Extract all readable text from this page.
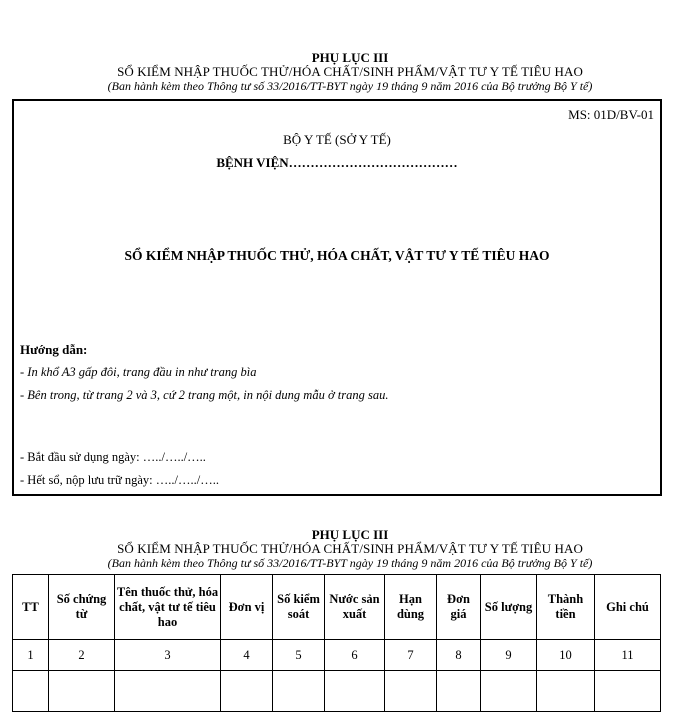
PHỤ LỤC III
SỔ KIỂM NHẬP THUỐC THỬ/HÓA CHẤT/SINH PHẨM/VẬT TƯ Y TẾ TIÊU HAO
(Ban hành kèm theo Thông tư số 33/2016/TT-BYT ngày 19 tháng 9 năm 2016 của Bộ trưởng Bộ Y tế)
MS: 01D/BV-01
BỘ Y TẾ (SỞ Y TẾ)
BỆNH VIỆN…………………………………
SỔ KIỂM NHẬP THUỐC THỬ, HÓA CHẤT, VẬT TƯ Y TẾ TIÊU HAO
Hướng dẫn:
- In khổ A3 gấp đôi, trang đầu in như trang bìa
- Bên trong, từ trang 2 và 3, cứ 2 trang một, in nội dung mẫu ở trang sau.
- Bắt đầu sử dụng ngày: …../…../…..
- Hết sổ, nộp lưu trữ ngày: …../…../…..
PHỤ LỤC III
SỔ KIỂM NHẬP THUỐC THỬ/HÓA CHẤT/SINH PHẨM/VẬT TƯ Y TẾ TIÊU HAO
(Ban hành kèm theo Thông tư số 33/2016/TT-BYT ngày 19 tháng 9 năm 2016 của Bộ trưởng Bộ Y tế)
TT	Số chứng từ	Tên thuốc thử, hóa chất, vật tư tế tiêu hao	Đơn vị	Số kiểm soát	Nước sản xuất	Hạn dùng	Đơn giá	Số lượng	Thành tiền	Ghi chú
1	2	3	4	5	6	7	8	9	10	11
